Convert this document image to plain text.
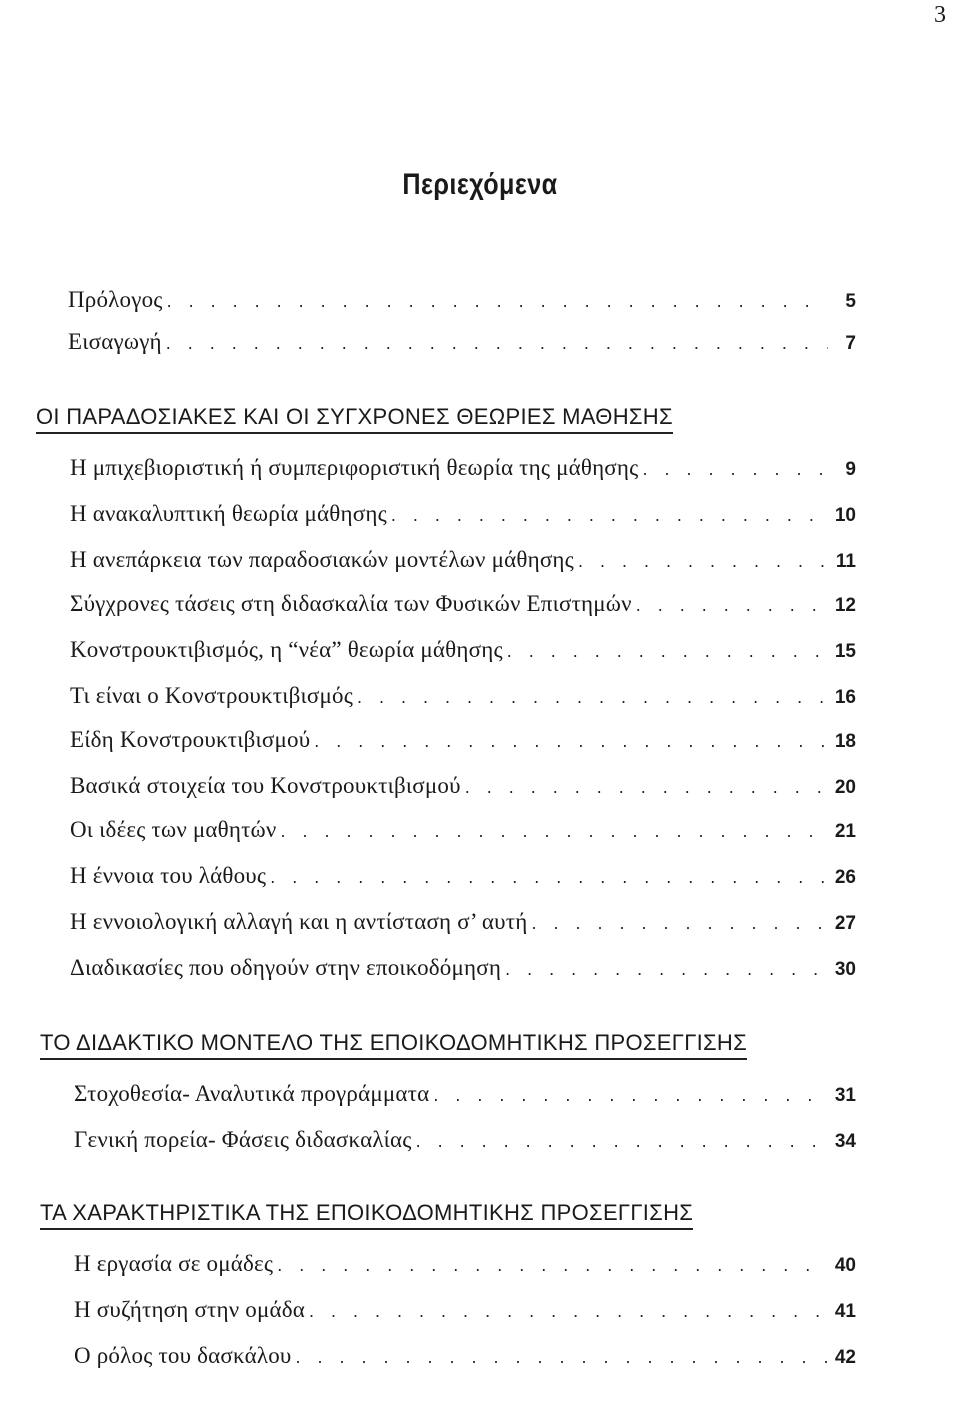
3
Περιεχόμενα
Πρόλογος . . .	5
Εισαγωγή . . .	7
ΟΙ ΠΑΡΑΔΟΣΙΑΚΕΣ ΚΑΙ ΟΙ ΣΥΓΧΡΟΝΕΣ ΘΕΩΡΙΕΣ ΜΑΘΗΣΗΣ
Η μπιχεβιοριστική ή συμπεριφοριστική θεωρία της μάθησης . . .	9
Η ανακαλυπτική θεωρία μάθησης . . .	10
Η ανεπάρκεια των παραδοσιακών μοντέλων μάθησης . . .	11
Σύγχρονες τάσεις στη διδασκαλία των Φυσικών Επιστημών . . .	12
Κονστρουκτιβισμός, η “νέα” θεωρία μάθησης . . .	15
Τι είναι ο Κονστρουκτιβισμός . . .	16
Είδη Κονστρουκτιβισμού . . .	18
Βασικά στοιχεία του Κονστρουκτιβισμού . . .	20
Οι ιδέες των μαθητών . . .	21
Η έννοια του λάθους . . .	26
Η εννοιολογική αλλαγή και η αντίσταση σ’ αυτή . . .	27
Διαδικασίες που οδηγούν στην εποικοδόμηση . . .	30
ΤΟ ΔΙΔΑΚΤΙΚΟ ΜΟΝΤΕΛΟ ΤΗΣ ΕΠΟΙΚΟΔΟΜΗΤΙΚΗΣ ΠΡΟΣΕΓΓΙΣΗΣ
Στοχοθεσία- Αναλυτικά προγράμματα . . .	31
Γενική πορεία- Φάσεις διδασκαλίας . . .	34
ΤΑ ΧΑΡΑΚΤΗΡΙΣΤΙΚΑ ΤΗΣ ΕΠΟΙΚΟΔΟΜΗΤΙΚΗΣ ΠΡΟΣΕΓΓΙΣΗΣ
Η εργασία σε ομάδες . . .	40
Η συζήτηση στην ομάδα . . .	41
Ο ρόλος του δασκάλου . . .	42
